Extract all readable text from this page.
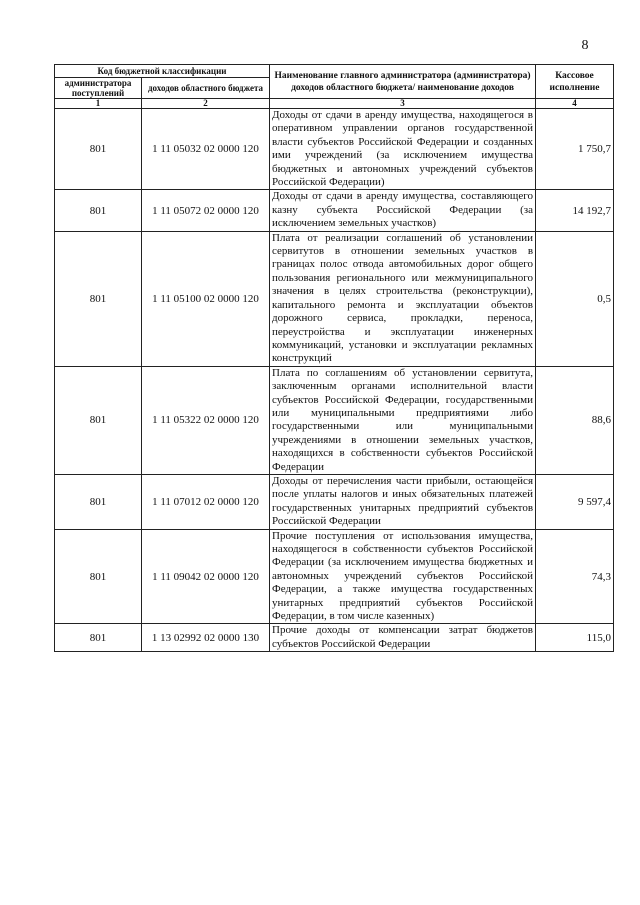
8
Код бюджетной классификации		Наименование главного администратора (администратора) доходов областного бюджета/ наименование доходов	Кассовое исполнение
администратора поступлений	доходов областного бюджета		
1	2	3	4
801	1 11 05032 02 0000 120	Доходы от сдачи в аренду имущества, находящегося в оперативном управлении органов государственной власти субъектов Российской Федерации и созданных ими учреждений (за исключением имущества бюджетных и автономных учреждений субъектов Российской Федерации)	1 750,7
801	1 11 05072 02 0000 120	Доходы от сдачи в аренду имущества, составляющего казну субъекта Российской Федерации (за исключением земельных участков)	14 192,7
801	1 11 05100 02 0000 120	Плата от реализации соглашений об установлении сервитутов в отношении земельных участков в границах полос отвода автомобильных дорог общего пользования регионального или межмуниципального значения в целях строительства (реконструкции), капитального ремонта и эксплуатации объектов дорожного сервиса, прокладки, переноса, переустройства и эксплуатации инженерных коммуникаций, установки и эксплуатации рекламных конструкций	0,5
801	1 11 05322 02 0000 120	Плата по соглашениям об установлении сервитута, заключенным органами исполнительной власти субъектов Российской Федерации, государственными или муниципальными предприятиями либо государственными или муниципальными учреждениями в отношении земельных участков, находящихся в собственности субъектов Российской Федерации	88,6
801	1 11 07012 02 0000 120	Доходы от перечисления части прибыли, остающейся после уплаты налогов и иных обязательных платежей государственных унитарных предприятий субъектов Российской Федерации	9 597,4
801	1 11 09042 02 0000 120	Прочие поступления от использования имущества, находящегося в собственности субъектов Российской Федерации (за исключением имущества бюджетных и автономных учреждений субъектов Российской Федерации, а также имущества государственных унитарных предприятий субъектов Российской Федерации, в том числе казенных)	74,3
801	1 13 02992 02 0000 130	Прочие доходы от компенсации затрат бюджетов субъектов Российской Федерации	115,0
